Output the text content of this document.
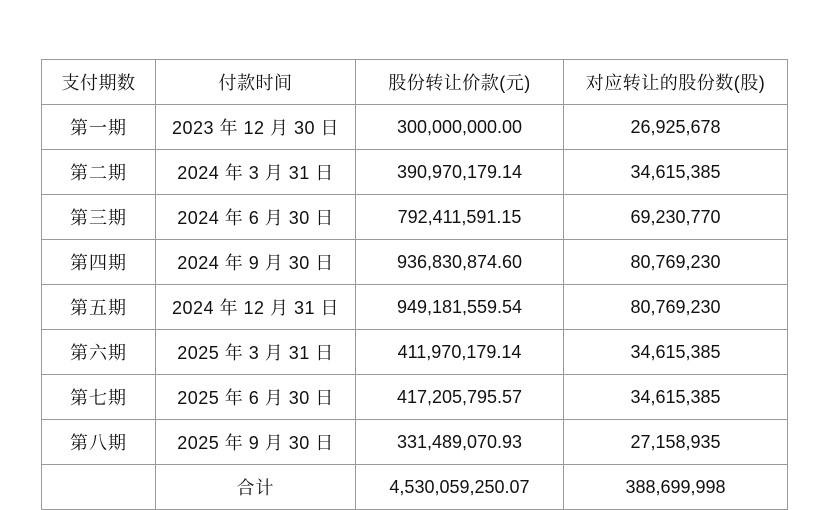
支付期数	付款时间	股份转让价款(元)	对应转让的股份数(股)
第一期	2023 年 12 月 30 日	300,000,000.00	26,925,678
第二期	2024 年 3 月 31 日	390,970,179.14	34,615,385
第三期	2024 年 6 月 30 日	792,411,591.15	69,230,770
第四期	2024 年 9 月 30 日	936,830,874.60	80,769,230
第五期	2024 年 12 月 31 日	949,181,559.54	80,769,230
第六期	2025 年 3 月 31 日	411,970,179.14	34,615,385
第七期	2025 年 6 月 30 日	417,205,795.57	34,615,385
第八期	2025 年 9 月 30 日	331,489,070.93	27,158,935
	合计	4,530,059,250.07	388,699,998
